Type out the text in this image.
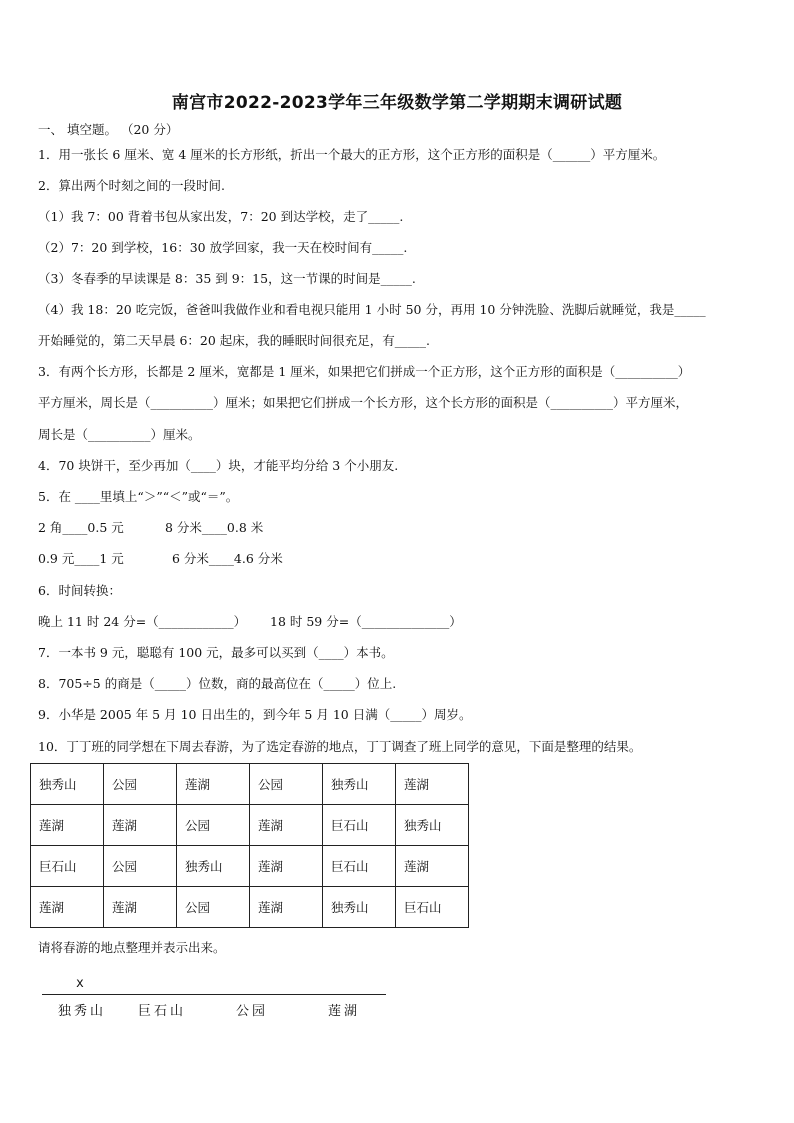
南宫市2022-2023学年三年级数学第二学期期末调研试题
一、 填空题。 （20 分）
1．用一张长 6 厘米、宽 4 厘米的长方形纸，折出一个最大的正方形，这个正方形的面积是（______）平方厘米。
2．算出两个时刻之间的一段时间.
（1）我 7：00 背着书包从家出发，7：20 到达学校，走了_____.
（2）7：20 到学校，16：30 放学回家，我一天在校时间有_____.
（3）冬春季的早读课是 8：35 到 9：15，这一节课的时间是_____.
（4）我 18：20 吃完饭，爸爸叫我做作业和看电视只能用 1 小时 50 分，再用 10 分钟洗脸、洗脚后就睡觉，我是_____
开始睡觉的，第二天早晨 6：20 起床，我的睡眠时间很充足，有_____.
3．有两个长方形，长都是 2 厘米，宽都是 1 厘米，如果把它们拼成一个正方形，这个正方形的面积是（__________）
平方厘米，周长是（__________）厘米；如果把它们拼成一个长方形，这个长方形的面积是（__________）平方厘米，
周长是（__________）厘米。
4．70 块饼干，至少再加（____）块，才能平均分给 3 个小朋友.
5．在 ____里填上“＞”“＜”或“＝”。
2 角____0.5 元	8 分米____0.8 米
0.9 元____1 元	6 分米____4.6 分米
6．时间转换：
晚上 11 时 24 分=（____________） 18 时 59 分=（______________）
7．一本书 9 元，聪聪有 100 元，最多可以买到（____）本书。
8．705÷5 的商是（_____）位数，商的最高位在（_____）位上.
9．小华是 2005 年 5 月 10 日出生的，到今年 5 月 10 日满（_____）周岁。
10．丁丁班的同学想在下周去春游，为了选定春游的地点，丁丁调查了班上同学的意见，下面是整理的结果。
独秀山	公园	莲湖	公园	独秀山	莲湖
莲湖	莲湖	公园	莲湖	巨石山	独秀山
巨石山	公园	独秀山	莲湖	巨石山	莲湖
莲湖	莲湖	公园	莲湖	独秀山	巨石山
请将春游的地点整理并表示出来。
x
独秀山 巨石山	公园	莲湖
